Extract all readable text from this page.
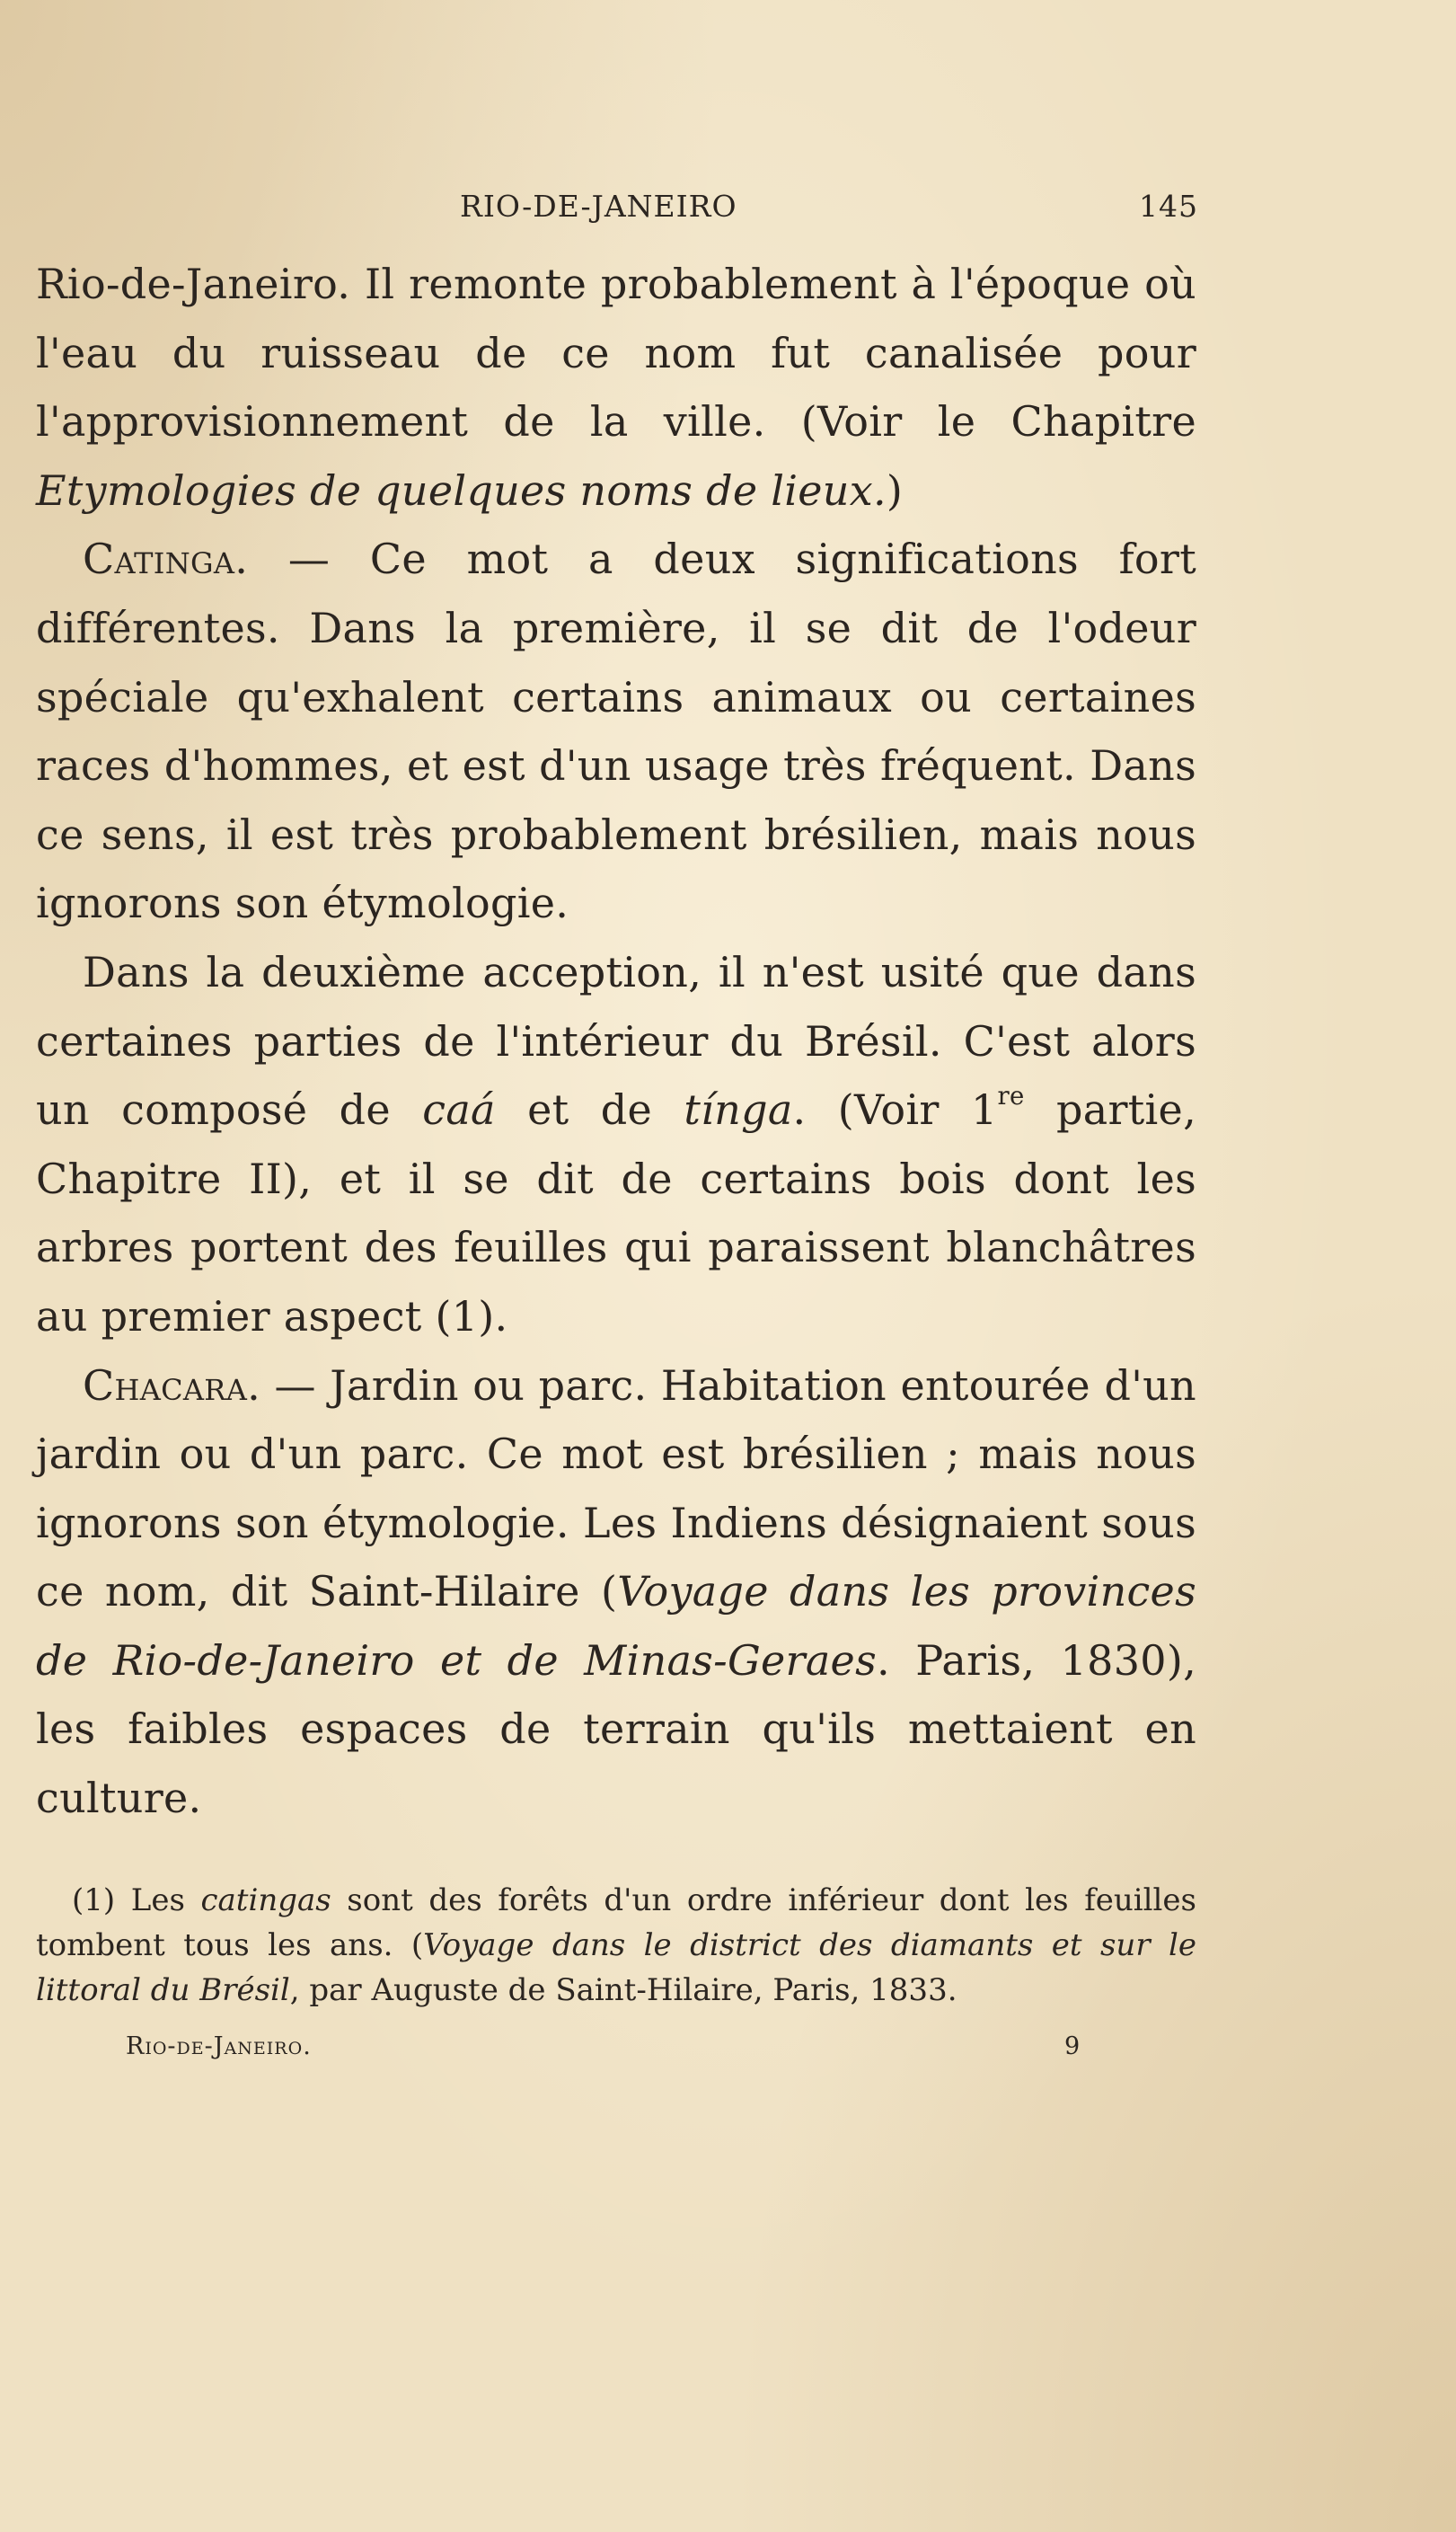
RIO-DE-JANEIRO	145

Rio-de-Janeiro. Il remonte probablement à l'époque où l'eau du ruisseau de ce nom fut canalisée pour l'approvisionnement de la ville. (Voir le Chapitre Etymologies de quelques noms de lieux.)

Catinga. — Ce mot a deux significations fort différentes. Dans la première, il se dit de l'odeur spéciale qu'exhalent certains animaux ou certaines races d'hommes, et est d'un usage très fréquent. Dans ce sens, il est très probablement brésilien, mais nous ignorons son étymologie.

Dans la deuxième acception, il n'est usité que dans certaines parties de l'intérieur du Brésil. C'est alors un composé de caá et de tínga. (Voir 1re partie, Chapitre II), et il se dit de certains bois dont les arbres portent des feuilles qui paraissent blanchâtres au premier aspect (1).

Chacara. — Jardin ou parc. Habitation entourée d'un jardin ou d'un parc. Ce mot est brésilien ; mais nous ignorons son étymologie. Les Indiens désignaient sous ce nom, dit Saint-Hilaire (Voyage dans les provinces de Rio-de-Janeiro et de Minas-Geraes. Paris, 1830), les faibles espaces de terrain qu'ils mettaient en culture.

(1) Les catingas sont des forêts d'un ordre inférieur dont les feuilles tombent tous les ans. (Voyage dans le district des diamants et sur le littoral du Brésil, par Auguste de Saint-Hilaire, Paris, 1833.

Rio-de-Janeiro.	9
